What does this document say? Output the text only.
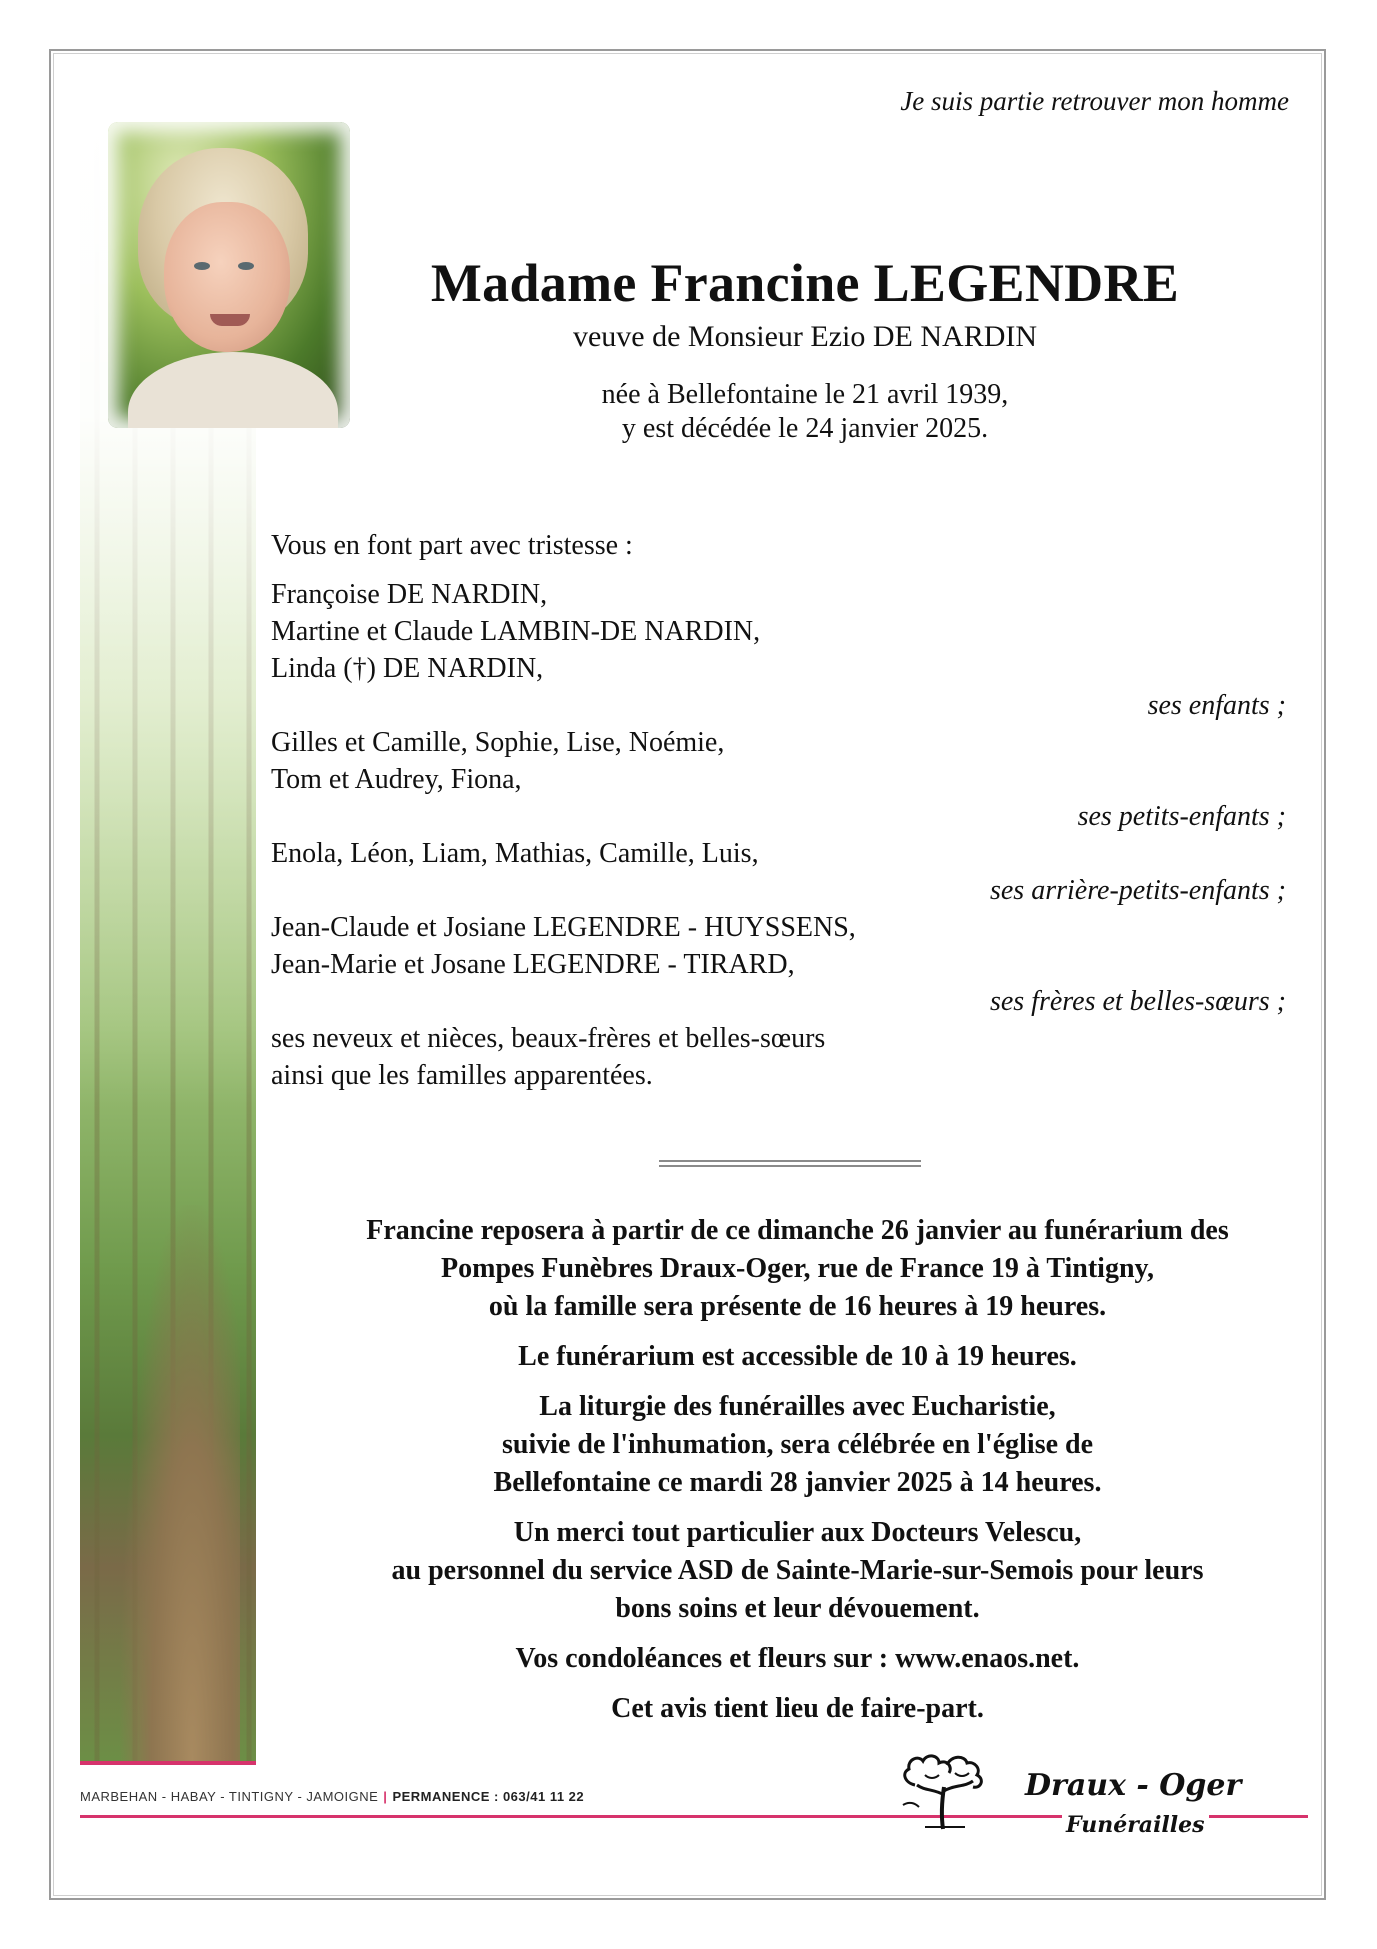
Je suis partie retrouver mon homme
Madame Francine LEGENDRE
veuve de Monsieur Ezio DE NARDIN
née à Bellefontaine le 21 avril 1939,
y est décédée le 24 janvier 2025.
Vous en font part avec tristesse :
Françoise DE NARDIN,
Martine et Claude LAMBIN-DE NARDIN,
Linda (†) DE NARDIN,
ses enfants ;
Gilles et Camille, Sophie, Lise, Noémie,
Tom et Audrey, Fiona,
ses petits-enfants ;
Enola, Léon, Liam, Mathias, Camille, Luis,
ses arrière-petits-enfants ;
Jean-Claude et Josiane LEGENDRE - HUYSSENS,
Jean-Marie et Josane LEGENDRE - TIRARD,
ses frères et belles-sœurs ;
ses neveux et nièces, beaux-frères et belles-sœurs
ainsi que les familles apparentées.
Francine reposera à partir de ce dimanche 26 janvier au funérarium des
Pompes Funèbres Draux-Oger, rue de France 19 à Tintigny,
où la famille sera présente de 16 heures à 19 heures.
Le funérarium est accessible de 10 à 19 heures.
La liturgie des funérailles avec Eucharistie,
suivie de l'inhumation, sera célébrée en l'église de
Bellefontaine ce mardi 28 janvier 2025 à 14 heures.
Un merci tout particulier aux Docteurs Velescu,
au personnel du service ASD de Sainte-Marie-sur-Semois pour leurs
bons soins et leur dévouement.
Vos condoléances et fleurs sur : www.enaos.net.
Cet avis tient lieu de faire-part.
MARBEHAN - HABAY - TINTIGNY - JAMOIGNE | PERMANENCE : 063/41 11 22	Draux - Oger
Funérailles
